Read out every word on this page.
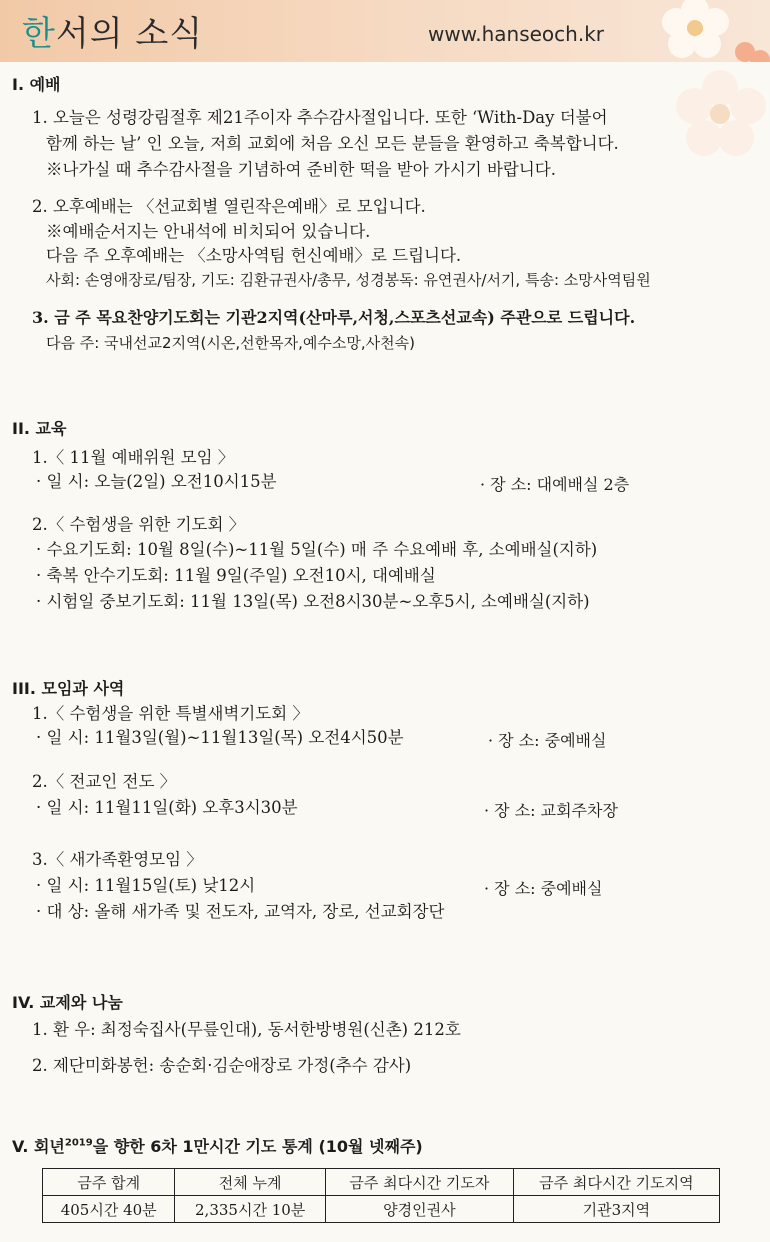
한서의 소식	www.hanseoch.kr
I. 예배
1. 오늘은 성령강림절후 제21주이자 추수감사절입니다. 또한 ‘With-Day 더불어
함께 하는 날’ 인 오늘, 저희 교회에 처음 오신 모든 분들을 환영하고 축복합니다.
※나가실 때 추수감사절을 기념하여 준비한 떡을 받아 가시기 바랍니다.
2. 오후예배는 〈선교회별 열린작은예배〉로 모입니다.
※예배순서지는 안내석에 비치되어 있습니다.
다음 주 오후예배는 〈소망사역팀 헌신예배〉로 드립니다.
사회: 손영애장로/팀장, 기도: 김환규권사/총무, 성경봉독: 유연권사/서기, 특송: 소망사역팀원
3. 금 주 목요찬양기도회는 기관2지역(산마루,서청,스포츠선교속) 주관으로 드립니다.
다음 주: 국내선교2지역(시온,선한목자,예수소망,사천속)
II. 교육
1.〈 11월 예배위원 모임 〉
· 일 시: 오늘(2일) 오전10시15분	· 장 소: 대예배실 2층
2.〈 수험생을 위한 기도회 〉
· 수요기도회: 10월 8일(수)~11월 5일(수) 매 주 수요예배 후, 소예배실(지하)
· 축복 안수기도회: 11월 9일(주일) 오전10시, 대예배실
· 시험일 중보기도회: 11월 13일(목) 오전8시30분~오후5시, 소예배실(지하)
III. 모임과 사역
1.〈 수험생을 위한 특별새벽기도회 〉
· 일 시: 11월3일(월)~11월13일(목) 오전4시50분	· 장 소: 중예배실
2.〈 전교인 전도 〉
· 일 시: 11월11일(화) 오후3시30분	· 장 소: 교회주차장
3.〈 새가족환영모임 〉
· 일 시: 11월15일(토) 낮12시	· 장 소: 중예배실
· 대 상: 올해 새가족 및 전도자, 교역자, 장로, 선교회장단
IV. 교제와 나눔
1. 환 우: 최정숙집사(무릎인대), 동서한방병원(신촌) 212호
2. 제단미화봉헌: 송순회·김순애장로 가정(추수 감사)
V. 회년$^{2019}$을 향한 6차 1만시간 기도 통계 (10월 넷째주)
금주 합계	전체 누계	금주 최다시간 기도자	금주 최다시간 기도지역
405시간 40분	2,335시간 10분	양경인권사	기관3지역
